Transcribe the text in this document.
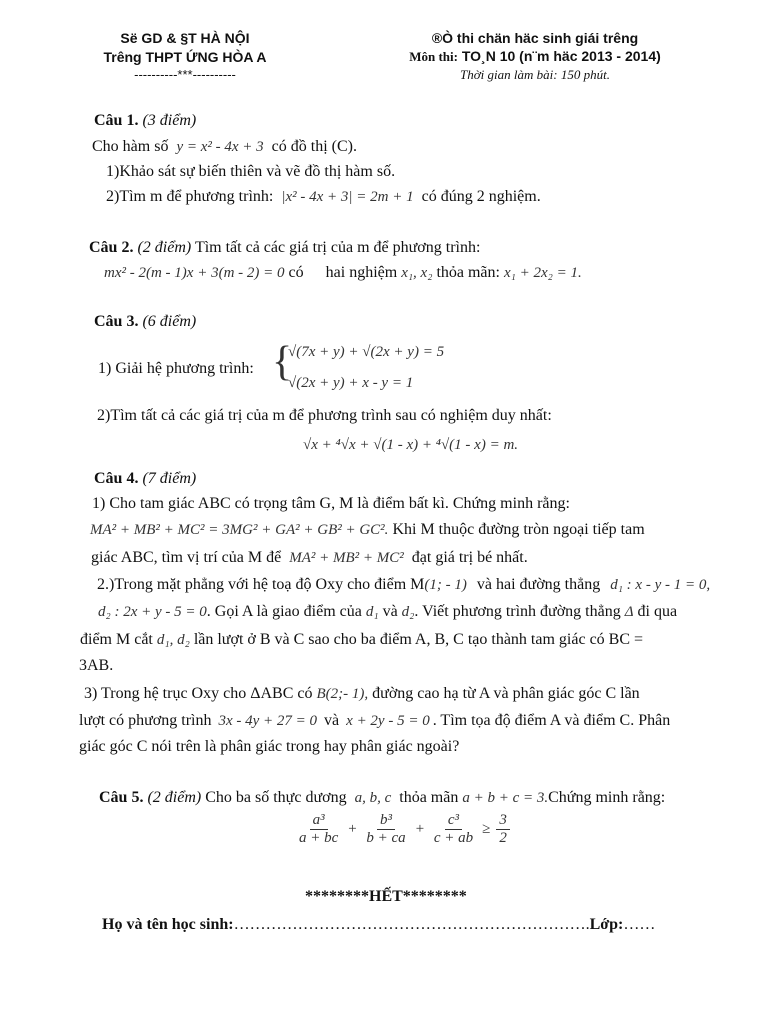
Së GD & §T HÀ NỘI
Trêng THPT ỨNG HÒA A
----------***----------
®Ò thi chän häc sinh giái trêng
Môn thi: TO¸N 10 (n¨m häc 2013 - 2014)
Thời gian làm bài: 150 phút.
Câu 1. (3 điểm)
Cho hàm số y = x² - 4x + 3 có đồ thị (C).
1)Khảo sát sự biến thiên và vẽ đồ thị hàm số.
2)Tìm m để phương trình: |x² - 4x + 3| = 2m + 1 có đúng 2 nghiệm.
Câu 2. (2 điểm) Tìm tất cả các giá trị của m để phương trình:
mx² - 2(m - 1)x + 3(m - 2) = 0 có hai nghiệm x₁, x₂ thỏa mãn: x₁ + 2x₂ = 1.
Câu 3. (6 điểm)
1) Giải hệ phương trình: {
√(7x + y) + √(2x + y) = 5
√(2x + y) + x - y = 1
2)Tìm tất cả các giá trị của m để phương trình sau có nghiệm duy nhất:
√x + ⁴√x + √(1 - x) + ⁴√(1 - x) = m.
Câu 4. (7 điểm)
1) Cho tam giác ABC có trọng tâm G, M là điểm bất kì. Chứng minh rằng:
MA² + MB² + MC² = 3MG² + GA² + GB² + GC². Khi M thuộc đường tròn ngoại tiếp tam
giác ABC, tìm vị trí của M để MA² + MB² + MC² đạt giá trị bé nhất.
2.)Trong mặt phẳng với hệ toạ độ Oxy cho điểm M(1; - 1) và hai đường thẳng d₁ : x - y - 1 = 0,
d₂ : 2x + y - 5 = 0. Gọi A là giao điểm của d₁ và d₂. Viết phương trình đường thẳng Δ đi qua
điểm M cắt d₁, d₂ lần lượt ở B và C sao cho ba điểm A, B, C tạo thành tam giác có BC =
3AB.
3) Trong hệ trục Oxy cho ΔABC có B(2;- 1), đường cao hạ từ A và phân giác góc C lần
lượt có phương trình 3x - 4y + 27 = 0 và x + 2y - 5 = 0 . Tìm tọa độ điểm A và điểm C. Phân
giác góc C nói trên là phân giác trong hay phân giác ngoài?
Câu 5. (2 điểm) Cho ba số thực dương a, b, c thỏa mãn a + b + c = 3.Chứng minh rằng:
$\frac{\text{a³}}{a + bc} + \frac{\text{b³}}{b + ca} + \frac{\text{c³}}{c + ab} \ge \frac{3}{2}$
********HẾT********
Họ và tên học sinh:………………………………………………………….Lớp:……
